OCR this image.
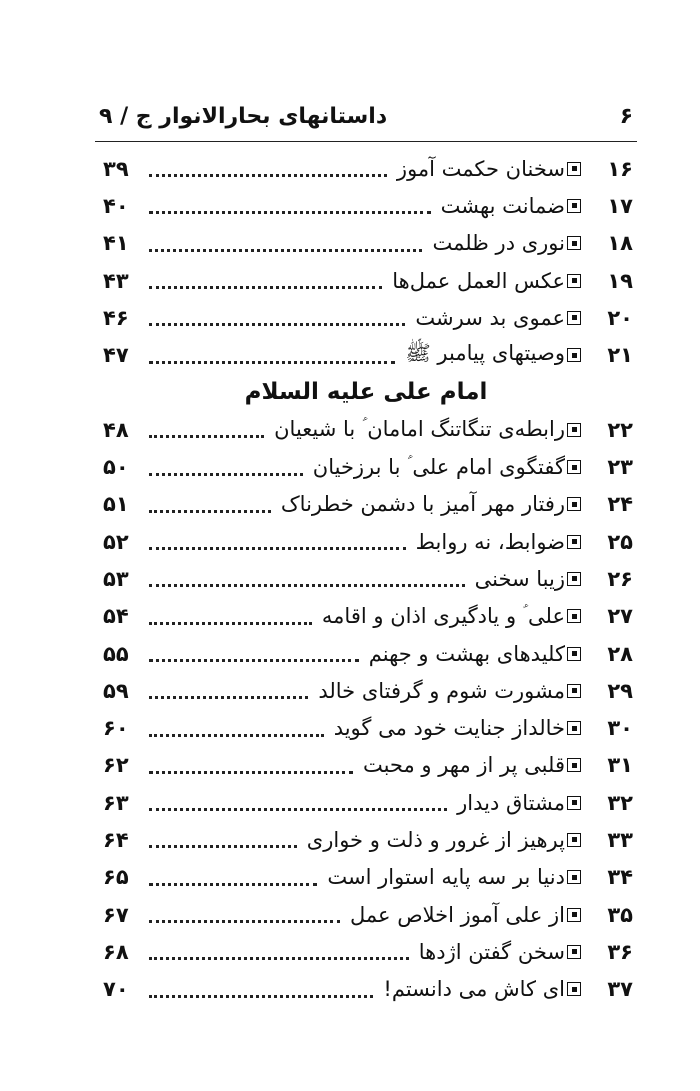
۶
داستانهای بحارالانوار ج / ۹
۱۶
سخنان حکمت آموز
۳۹
۱۷
ضمانت بهشت
۴۰
۱۸
نوری در ظلمت
۴۱
۱۹
عکس العمل عمل‌ها
۴۳
۲۰
عموی بد سرشت
۴۶
۲۱
وصیتهای پیامبر ﷺ
۴۷
امام علی عليه السلام
۲۲
رابطه‌ی تنگاتنگ امامان ؑ با شیعیان
۴۸
۲۳
گفتگوی امام علی ؑ با برزخیان
۵۰
۲۴
رفتار مهر آمیز با دشمن خطرناک
۵۱
۲۵
ضوابط، نه روابط
۵۲
۲۶
زیبا سخنی
۵۳
۲۷
علی ؑ و یادگیری اذان و اقامه
۵۴
۲۸
کلیدهای بهشت و جهنم
۵۵
۲۹
مشورت شوم و گرفتای خالد
۵۹
۳۰
خالداز جنایت خود می گوید
۶۰
۳۱
قلبی پر از مهر و محبت
۶۲
۳۲
مشتاق دیدار
۶۳
۳۳
پرهیز از غرور و ذلت و خواری
۶۴
۳۴
دنیا بر سه پایه استوار است
۶۵
۳۵
از علی آموز اخلاص عمل
۶۷
۳۶
سخن گفتن اژدها
۶۸
۳۷
ای کاش می دانستم!
۷۰
